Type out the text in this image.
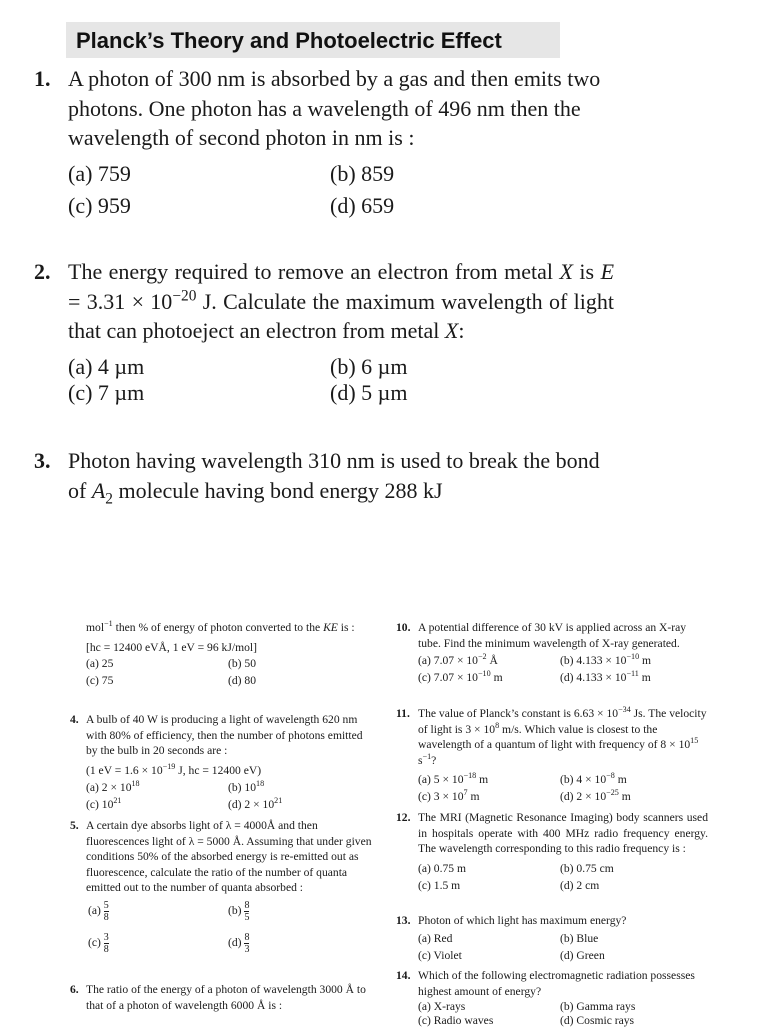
Planck’s Theory and Photoelectric Effect
1. A photon of 300 nm is absorbed by a gas and then emits two photons. One photon has a wavelength of 496 nm then the wavelength of second photon in nm is :
(a) 759	(b) 859
(c) 959	(d) 659
2. The energy required to remove an electron from metal X is $E = 3.31 \times 10^{-20}$ J. Calculate the maximum wavelength of light that can photoeject an electron from metal X:
(a) 4 µm	(b) 6 µm
(c) 7 µm	(d) 5 µm
3. Photon having wavelength 310 nm is used to break the bond of $A_2$ molecule having bond energy 288 kJ
mol$^{-1}$ then % of energy of photon converted to the KE is :
[hc = 12400 eVÅ, 1 eV = 96 kJ/mol]
(a) 25	(b) 50
(c) 75	(d) 80
4. A bulb of 40 W is producing a light of wavelength 620 nm with 80% of efficiency, then the number of photons emitted by the bulb in 20 seconds are :
(1 eV = $1.6 \times 10^{-19}$ J, hc = 12400 eV)
(a) $2 \times 10^{18}$	(b) $10^{18}$
(c) $10^{21}$	(d) $2 \times 10^{21}$
5. A certain dye absorbs light of λ = 4000Å and then fluorescences light of λ = 5000 Å. Assuming that under given conditions 50% of the absorbed energy is re-emitted out as fluorescence, calculate the ratio of the number of quanta emitted out to the number of quanta absorbed :
$(a) \frac{5}{8}$	$(b) \frac{8}{5}$
$(c) \frac{3}{8}$	$(d) \frac{8}{3}$
6. The ratio of the energy of a photon of wavelength 3000 Å to that of a photon of wavelength 6000 Å is :
10. A potential difference of 30 kV is applied across an X-ray tube. Find the minimum wavelength of X-ray generated.
(a) $7.07 \times 10^{-2}$ Å	(b) $4.133 \times 10^{-10}$ m
(c) $7.07 \times 10^{-10}$ m	(d) $4.133 \times 10^{-11}$ m
11. The value of Planck’s constant is $6.63 \times 10^{-34}$ Js. The velocity of light is $3 \times 10^8$ m/s. Which value is closest to the wavelength of a quantum of light with frequency of $8 \times 10^{15}$ $s^{-1}$?
(a) $5 \times 10^{-18}$ m	(b) $4 \times 10^{-8}$ m
(c) $3 \times 10^7$ m	(d) $2 \times 10^{-25}$ m
12. The MRI (Magnetic Resonance Imaging) body scanners used in hospitals operate with 400 MHz radio frequency energy. The wavelength corresponding to this radio frequency is :
(a) 0.75 m	(b) 0.75 cm
(c) 1.5 m	(d) 2 cm
13. Photon of which light has maximum energy?
(a) Red	(b) Blue
(c) Violet	(d) Green
14. Which of the following electromagnetic radiation possesses highest amount of energy?
(a) X-rays	(b) Gamma rays
(c) Radio waves	(d) Cosmic rays
